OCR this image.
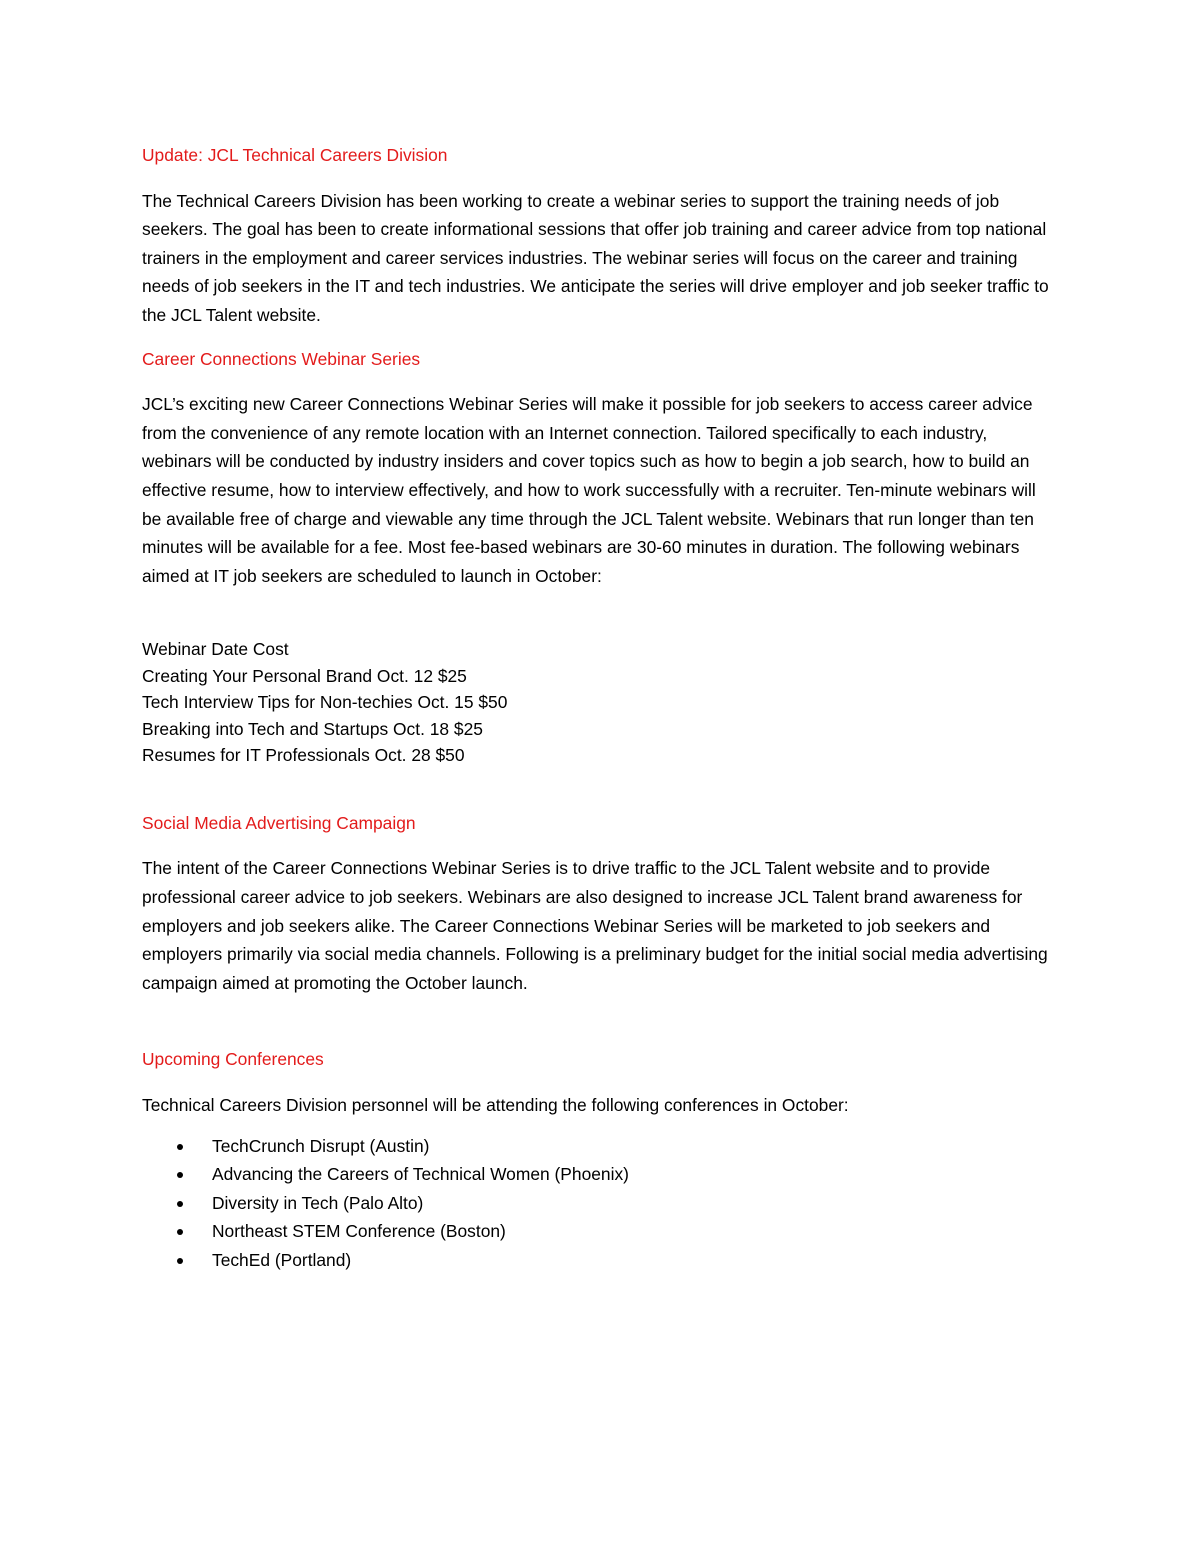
Update: JCL Technical Careers Division

The Technical Careers Division has been working to create a webinar series to support the training needs of job seekers. The goal has been to create informational sessions that offer job training and career advice from top national trainers in the employment and career services industries. The webinar series will focus on the career and training needs of job seekers in the IT and tech industries. We anticipate the series will drive employer and job seeker traffic to the JCL Talent website.

Career Connections Webinar Series

JCL’s exciting new Career Connections Webinar Series will make it possible for job seekers to access career advice from the convenience of any remote location with an Internet connection. Tailored specifically to each industry, webinars will be conducted by industry insiders and cover topics such as how to begin a job search, how to build an effective resume, how to interview effectively, and how to work successfully with a recruiter. Ten-minute webinars will be available free of charge and viewable any time through the JCL Talent website. Webinars that run longer than ten minutes will be available for a fee. Most fee-based webinars are 30-60 minutes in duration. The following webinars aimed at IT job seekers are scheduled to launch in October:

Webinar Date Cost
Creating Your Personal Brand Oct. 12 $25
Tech Interview Tips for Non-techies Oct. 15 $50
Breaking into Tech and Startups Oct. 18 $25
Resumes for IT Professionals Oct. 28 $50

Social Media Advertising Campaign

The intent of the Career Connections Webinar Series is to drive traffic to the JCL Talent website and to provide professional career advice to job seekers. Webinars are also designed to increase JCL Talent brand awareness for employers and job seekers alike. The Career Connections Webinar Series will be marketed to job seekers and employers primarily via social media channels. Following is a preliminary budget for the initial social media advertising campaign aimed at promoting the October launch.

Upcoming Conferences

Technical Careers Division personnel will be attending the following conferences in October:

TechCrunch Disrupt (Austin)
Advancing the Careers of Technical Women (Phoenix)
Diversity in Tech (Palo Alto)
Northeast STEM Conference (Boston)
TechEd (Portland)
